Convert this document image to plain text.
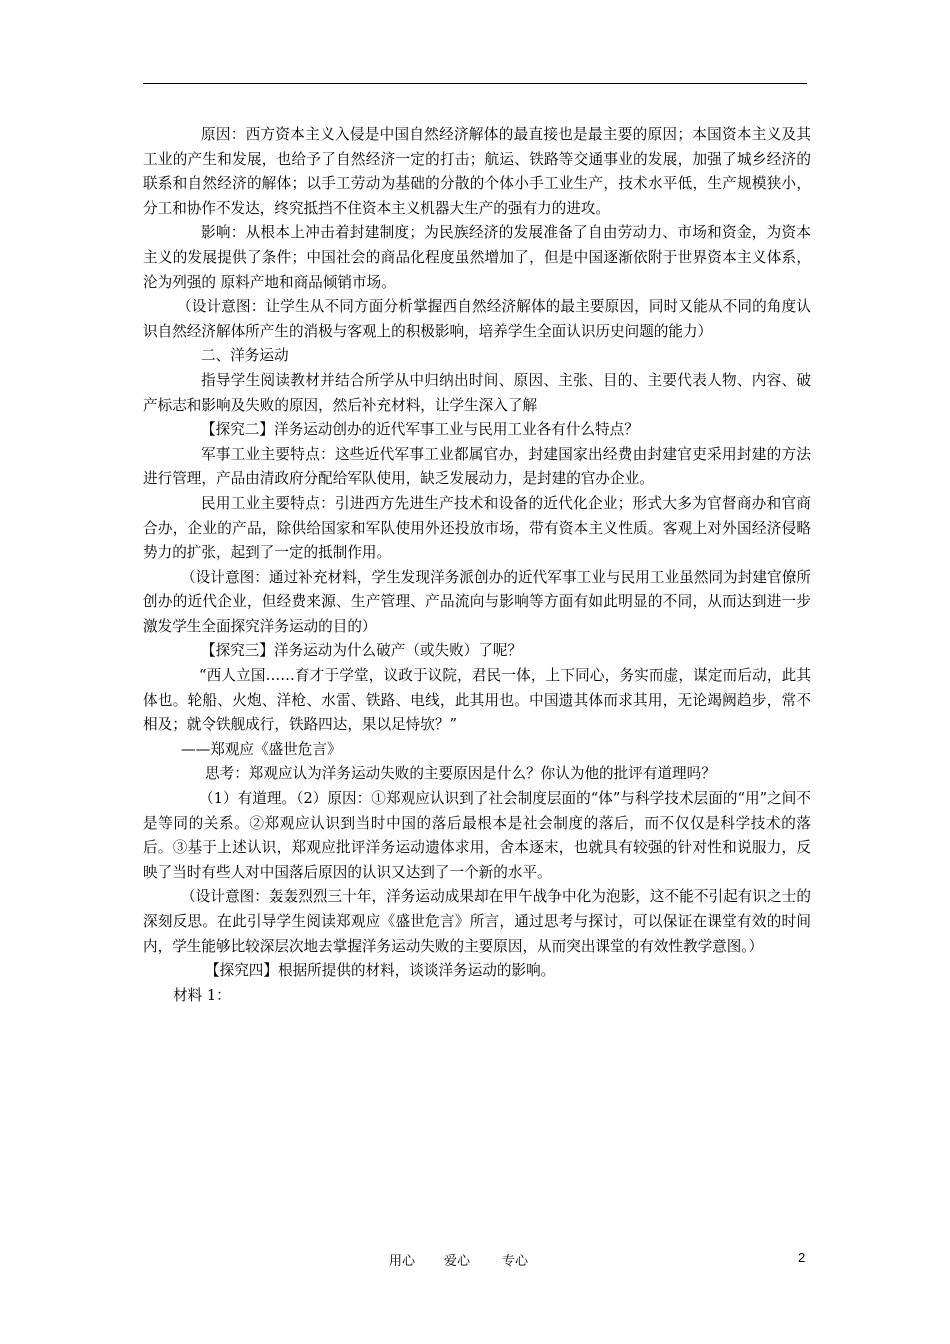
原因：西方资本主义入侵是中国自然经济解体的最直接也是最主要的原因；本国资本主义及其工业的产生和发展，也给予了自然经济一定的打击；航运、铁路等交通事业的发展，加强了城乡经济的联系和自然经济的解体；以手工劳动为基础的分散的个体小手工业生产，技术水平低，生产规模狭小，分工和协作不发达，终究抵挡不住资本主义机器大生产的强有力的进攻。

影响：从根本上冲击着封建制度；为民族经济的发展准备了自由劳动力、市场和资金，为资本主义的发展提供了条件；中国社会的商品化程度虽然增加了，但是中国逐渐依附于世界资本主义体系，沦为列强的 原料产地和商品倾销市场。

（设计意图：让学生从不同方面分析掌握西自然经济解体的最主要原因，同时又能从不同的角度认识自然经济解体所产生的消极与客观上的积极影响，培养学生全面认识历史问题的能力）

二、洋务运动

指导学生阅读教材并结合所学从中归纳出时间、原因、主张、目的、主要代表人物、内容、破产标志和影响及失败的原因，然后补充材料，让学生深入了解

【探究二】洋务运动创办的近代军事工业与民用工业各有什么特点？

军事工业主要特点：这些近代军事工业都属官办，封建国家出经费由封建官吏采用封建的方法进行管理，产品由清政府分配给军队使用，缺乏发展动力，是封建的官办企业。

民用工业主要特点：引进西方先进生产技术和设备的近代化企业；形式大多为官督商办和官商合办，企业的产品，除供给国家和军队使用外还投放市场，带有资本主义性质。客观上对外国经济侵略势力的扩张，起到了一定的抵制作用。

（设计意图：通过补充材料，学生发现洋务派创办的近代军事工业与民用工业虽然同为封建官僚所创办的近代企业，但经费来源、生产管理、产品流向与影响等方面有如此明显的不同，从而达到进一步激发学生全面探究洋务运动的目的）

【探究三】洋务运动为什么破产（或失败）了呢？

“西人立国……育才于学堂，议政于议院，君民一体，上下同心，务实而虚，谋定而后动，此其体也。轮船、火炮、洋枪、水雷、铁路、电线，此其用也。中国遗其体而求其用，无论竭阙趋步，常不相及；就令铁舰成行，铁路四达，果以足恃欤？”

——郑观应《盛世危言》

思考：郑观应认为洋务运动失败的主要原因是什么？你认为他的批评有道理吗？

（1）有道理。（2）原因：①郑观应认识到了社会制度层面的“体”与科学技术层面的“用”之间不是等同的关系。②郑观应认识到当时中国的落后最根本是社会制度的落后，而不仅仅是科学技术的落后。③基于上述认识，郑观应批评洋务运动遗体求用，舍本逐末，也就具有较强的针对性和说服力，反映了当时有些人对中国落后原因的认识又达到了一个新的水平。

（设计意图：轰轰烈烈三十年，洋务运动成果却在甲午战争中化为泡影，这不能不引起有识之士的深刻反思。在此引导学生阅读郑观应《盛世危言》所言，通过思考与探讨，可以保证在课堂有效的时间内，学生能够比较深层次地去掌握洋务运动失败的主要原因，从而突出课堂的有效性教学意图。）

【探究四】根据所提供的材料，谈谈洋务运动的影响。

材料 1：

用心 爱心 专心	2
